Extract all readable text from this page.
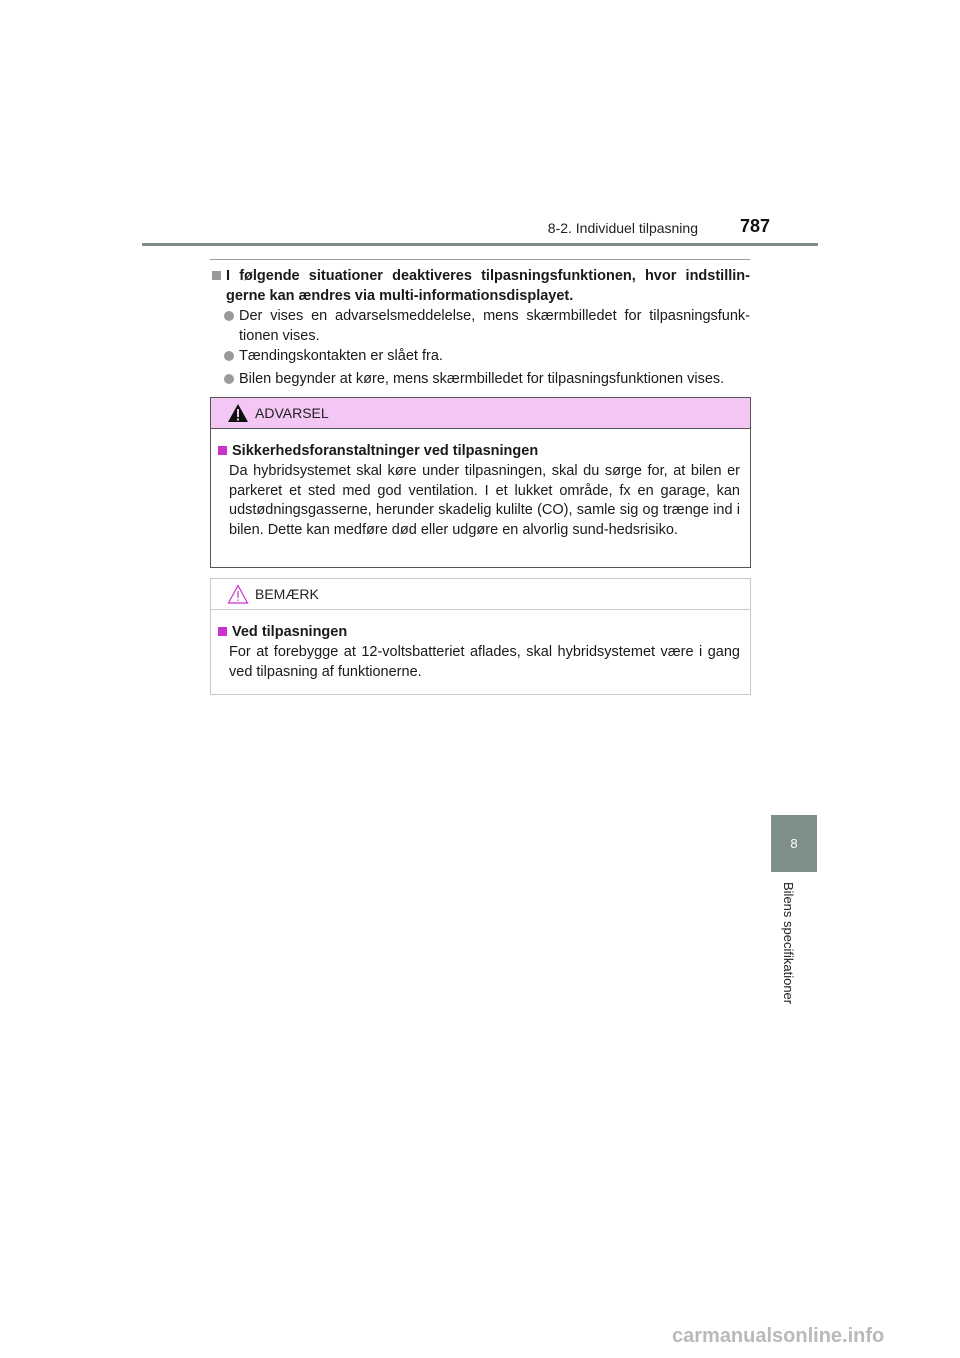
8-2. Individuel tilpasning 787
I følgende situationer deaktiveres tilpasningsfunktionen, hvor indstillin-gerne kan ændres via multi-informationsdisplayet.
Der vises en advarselsmeddelelse, mens skærmbilledet for tilpasningsfunk-tionen vises.
Tændingskontakten er slået fra.
Bilen begynder at køre, mens skærmbilledet for tilpasningsfunktionen vises.
ADVARSEL
Sikkerhedsforanstaltninger ved tilpasningen
Da hybridsystemet skal køre under tilpasningen, skal du sørge for, at bilen er parkeret et sted med god ventilation. I et lukket område, fx en garage, kan udstødningsgasserne, herunder skadelig kulilte (CO), samle sig og trænge ind i bilen. Dette kan medføre død eller udgøre en alvorlig sund-hedsrisiko.
BEMÆRK
Ved tilpasningen
For at forebygge at 12-voltsbatteriet aflades, skal hybridsystemet være i gang ved tilpasning af funktionerne.
8
Bilens specifikationer
carmanualsonline.info
